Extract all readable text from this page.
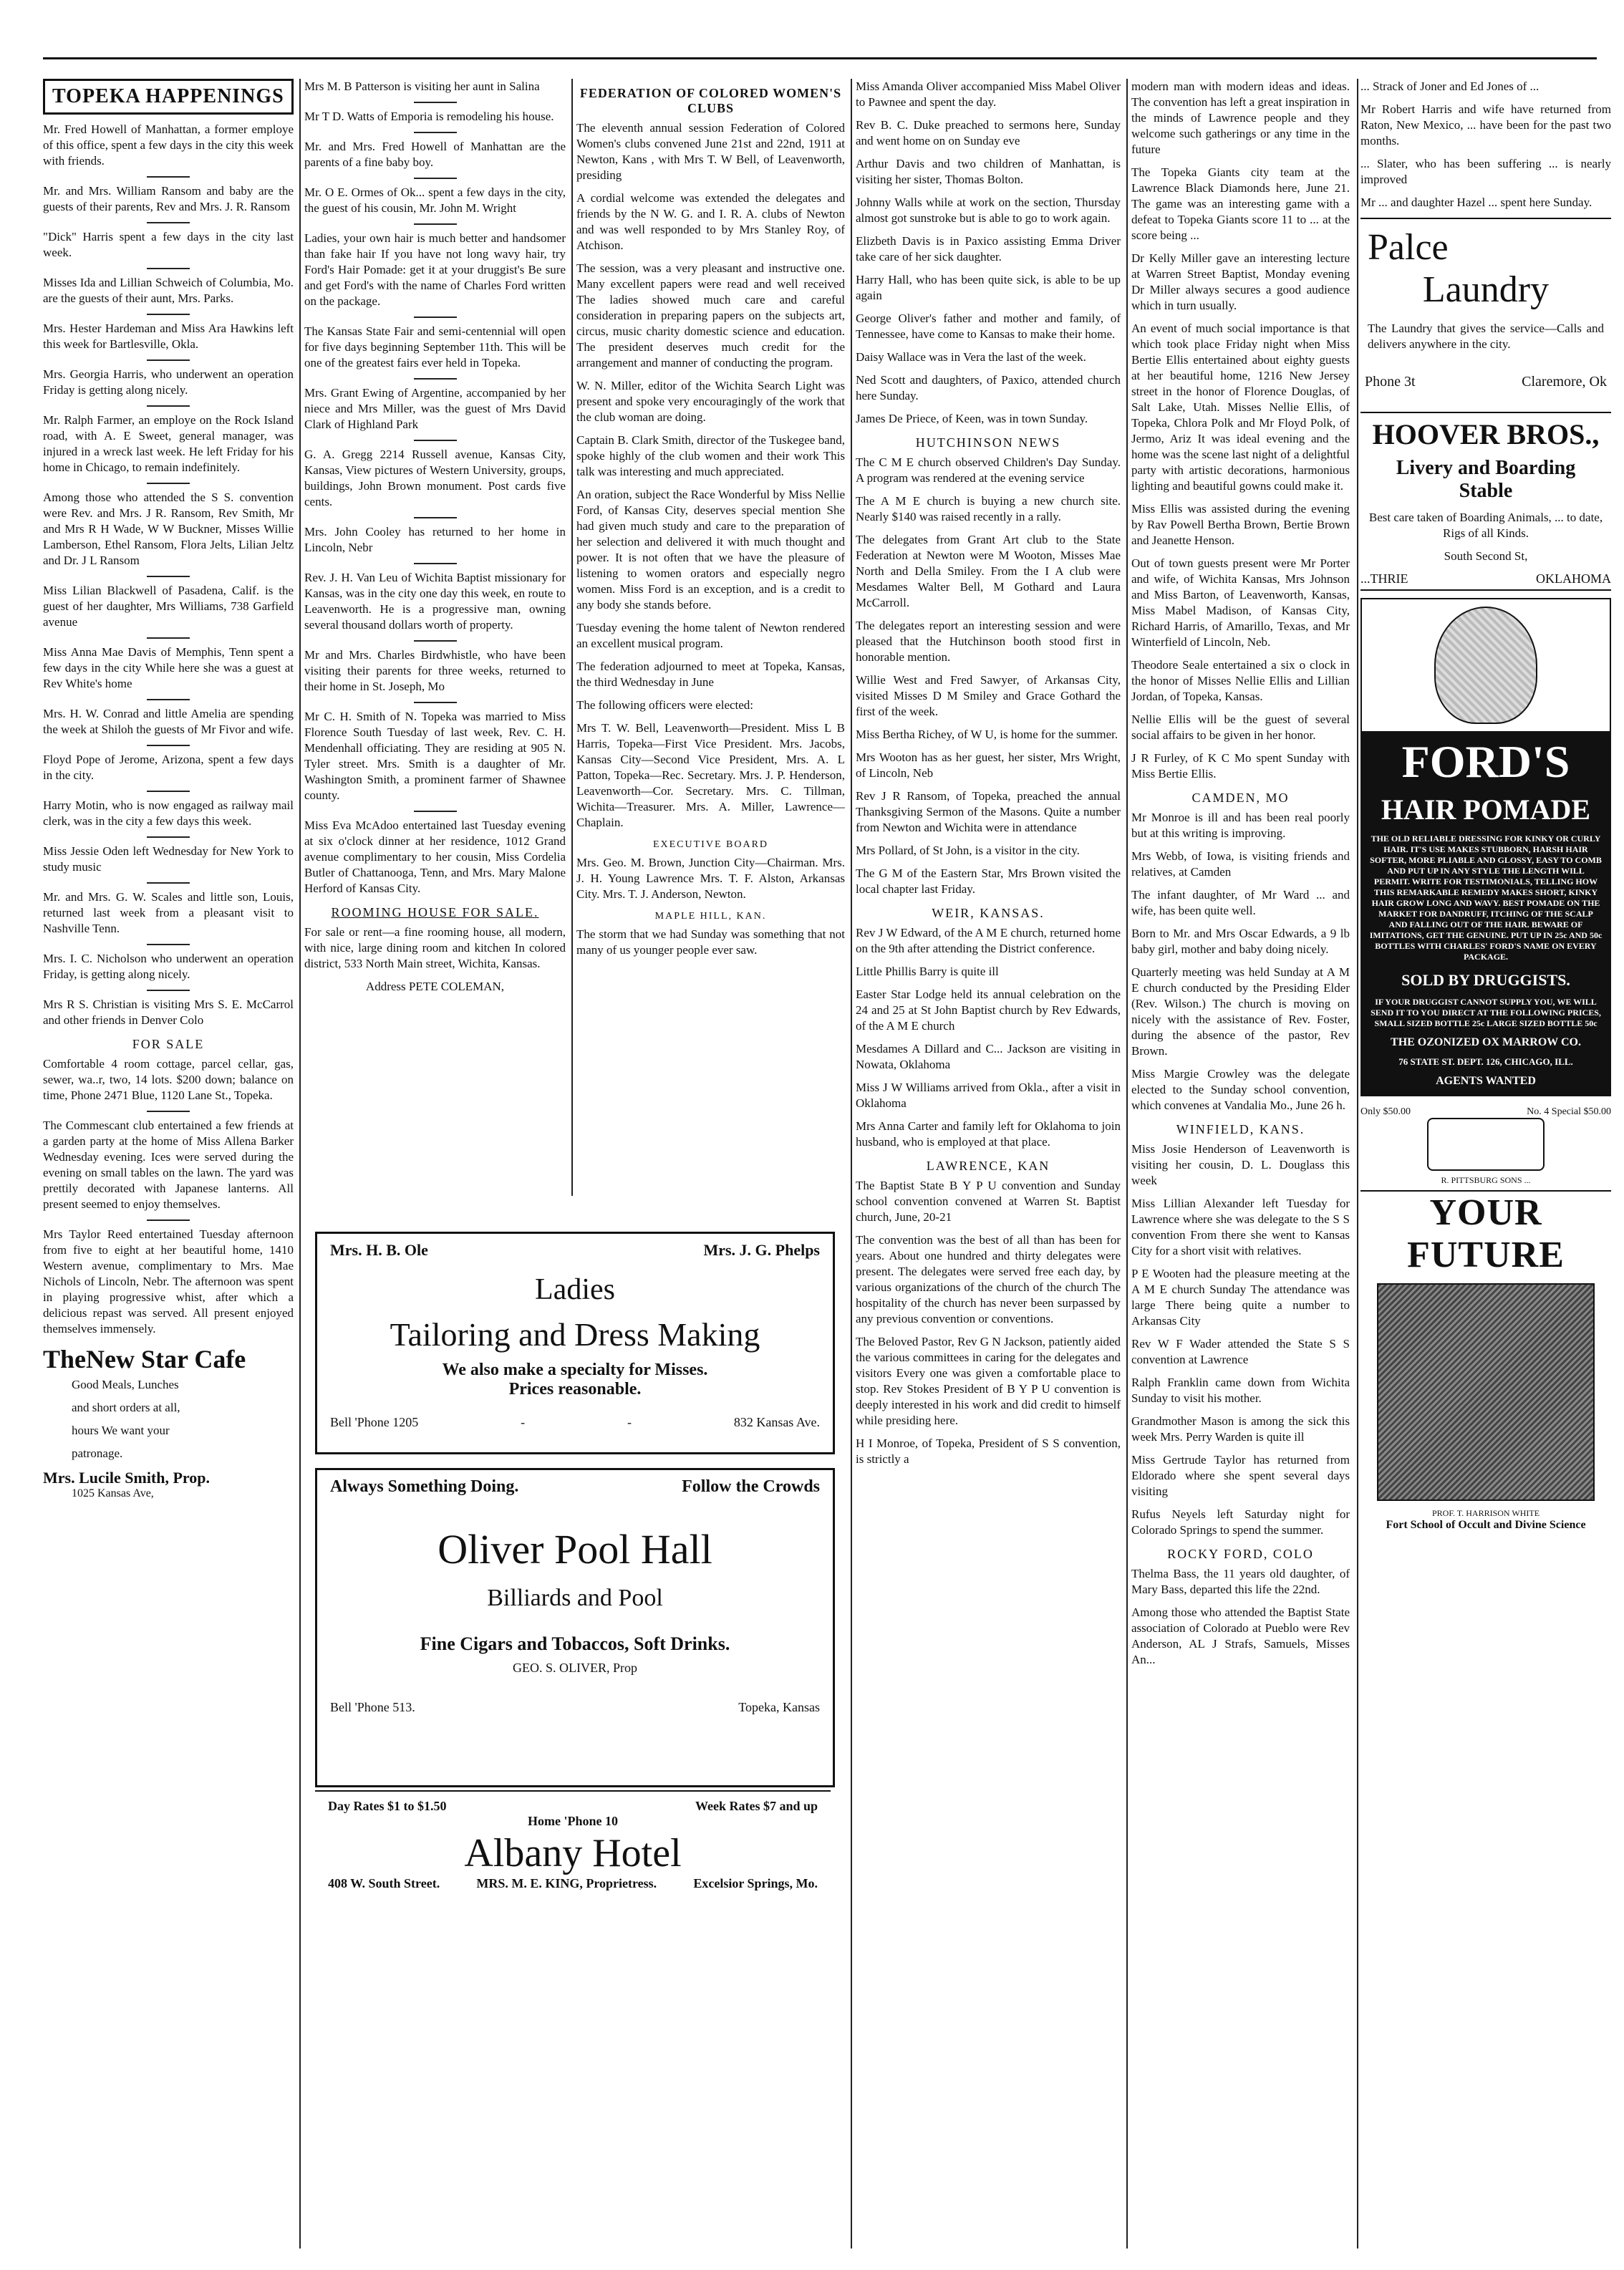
TOPEKA HAPPENINGS

Mr. Fred Howell of Manhattan, a former employe of this office, spent a few days in the city this week with friends.

Mr. and Mrs. William Ransom and baby are the guests of their parents, Rev and Mrs. J. R. Ransom

"Dick" Harris spent a few days in the city last week.

Misses Ida and Lillian Schweich of Columbia, Mo. are the guests of their aunt, Mrs. Parks.

Mrs. Hester Hardeman and Miss Ara Hawkins left this week for Bartlesville, Okla.

Mrs. Georgia Harris, who underwent an operation Friday is getting along nicely.

Mr. Ralph Farmer, an employe on the Rock Island road, with A. E Sweet, general manager, was injured in a wreck last week. He left Friday for his home in Chicago, to remain indefinitely.

Among those who attended the S S. convention were Rev. and Mrs. J R. Ransom, Rev Smith, Mr and Mrs R H Wade, W W Buckner, Misses Willie Lamberson, Ethel Ransom, Flora Jelts, Lilian Jeltz and Dr. J L Ransom

Miss Lilian Blackwell of Pasadena, Calif. is the guest of her daughter, Mrs Williams, 738 Garfield avenue

Miss Anna Mae Davis of Memphis, Tenn spent a few days in the city While here she was a guest at Rev White's home

Mrs. H. W. Conrad and little Amelia are spending the week at Shiloh the guests of Mr Fivor and wife.

Floyd Pope of Jerome, Arizona, spent a few days in the city.

Harry Motin, who is now engaged as railway mail clerk, was in the city a few days this week.

Miss Jessie Oden left Wednesday for New York to study music

Mr. and Mrs. G. W. Scales and little son, Louis, returned last week from a pleasant visit to Nashville Tenn.

Mrs. I. C. Nicholson who underwent an operation Friday, is getting along nicely.

Mrs R S. Christian is visiting Mrs S. E. McCarrol and other friends in Denver Colo

FOR SALE

Comfortable 4 room cottage, parcel cellar, gas, sewer, wa..r, two, 14 lots. $200 down; balance on time, Phone 2471 Blue, 1120 Lane St., Topeka.

The Commescant club entertained a few friends at a garden party at the home of Miss Allena Barker Wednesday evening. Ices were served during the evening on small tables on the lawn. The yard was prettily decorated with Japanese lanterns. All present seemed to enjoy themselves.

Mrs Taylor Reed entertained Tuesday afternoon from five to eight at her beautiful home, 1410 Western avenue, complimentary to Mrs. Mae Nichols of Lincoln, Nebr. The afternoon was spent in playing progressive whist, after which a delicious repast was served. All present enjoyed themselves immensely.

TheNew Star Cafe

Good Meals, Lunches

and short orders at all,

hours We want your

patronage.

Mrs. Lucile Smith, Prop.
1025 Kansas Ave,

Mrs M. B Patterson is visiting her aunt in Salina

Mr T D. Watts of Emporia is remodeling his house.

Mr. and Mrs. Fred Howell of Manhattan are the parents of a fine baby boy.

Mr. O E. Ormes of Ok... spent a few days in the city, the guest of his cousin, Mr. John M. Wright

Ladies, your own hair is much better and handsomer than fake hair If you have not long wavy hair, try Ford's Hair Pomade: get it at your druggist's Be sure and get Ford's with the name of Charles Ford written on the package.

The Kansas State Fair and semi-centennial will open for five days beginning September 11th. This will be one of the greatest fairs ever held in Topeka.

Mrs. Grant Ewing of Argentine, accompanied by her niece and Mrs Miller, was the guest of Mrs David Clark of Highland Park

G. A. Gregg 2214 Russell avenue, Kansas City, Kansas, View pictures of Western University, groups, buildings, John Brown monument. Post cards five cents.

Mrs. John Cooley has returned to her home in Lincoln, Nebr

Rev. J. H. Van Leu of Wichita Baptist missionary for Kansas, was in the city one day this week, en route to Leavenworth. He is a progressive man, owning several thousand dollars worth of property.

Mr and Mrs. Charles Birdwhistle, who have been visiting their parents for three weeks, returned to their home in St. Joseph, Mo

Mr C. H. Smith of N. Topeka was married to Miss Florence South Tuesday of last week, Rev. C. H. Mendenhall officiating. They are residing at 905 N. Tyler street. Mrs. Smith is a daughter of Mr. Washington Smith, a prominent farmer of Shawnee county.

Miss Eva McAdoo entertained last Tuesday evening at six o'clock dinner at her residence, 1012 Grand avenue complimentary to her cousin, Miss Cordelia Butler of Chattanooga, Tenn, and Mrs. Mary Malone Herford of Kansas City.

ROOMING HOUSE FOR SALE.

For sale or rent—a fine rooming house, all modern, with nice, large dining room and kitchen In colored district, 533 North Main street, Wichita, Kansas.

Address PETE COLEMAN,

FEDERATION OF COLORED WOMEN'S CLUBS

The eleventh annual session Federation of Colored Women's clubs convened June 21st and 22nd, 1911 at Newton, Kans , with Mrs T. W Bell, of Leavenworth, presiding

A cordial welcome was extended the delegates and friends by the N W. G. and I. R. A. clubs of Newton and was well responded to by Mrs Stanley Roy, of Atchison.

The session, was a very pleasant and instructive one. Many excellent papers were read and well received The ladies showed much care and careful consideration in preparing papers on the subjects art, circus, music charity domestic science and education. The president deserves much credit for the arrangement and manner of conducting the program.

W. N. Miller, editor of the Wichita Search Light was present and spoke very encouragingly of the work that the club woman are doing.

Captain B. Clark Smith, director of the Tuskegee band, spoke highly of the club women and their work This talk was interesting and much appreciated.

An oration, subject the Race Wonderful by Miss Nellie Ford, of Kansas City, deserves special mention She had given much study and care to the preparation of her selection and delivered it with much thought and power. It is not often that we have the pleasure of listening to women orators and especially negro women. Miss Ford is an exception, and is a credit to any body she stands before.

Tuesday evening the home talent of Newton rendered an excellent musical program.

The federation adjourned to meet at Topeka, Kansas, the third Wednesday in June

The following officers were elected:

Mrs T. W. Bell, Leavenworth—President. Miss L B Harris, Topeka—First Vice President. Mrs. Jacobs, Kansas City—Second Vice President, Mrs. A. L Patton, Topeka—Rec. Secretary. Mrs. J. P. Henderson, Leavenworth—Cor. Secretary. Mrs. C. Tillman, Wichita—Treasurer. Mrs. A. Miller, Lawrence—Chaplain.

EXECUTIVE BOARD

Mrs. Geo. M. Brown, Junction City—Chairman. Mrs. J. H. Young Lawrence Mrs. T. F. Alston, Arkansas City. Mrs. T. J. Anderson, Newton.

MAPLE HILL, KAN.

The storm that we had Sunday was something that not many of us younger people ever saw.

Mrs. H. B. Ole	Mrs. J. G. Phelps
Ladies
Tailoring and Dress Making
We also make a specialty for Misses.
Prices reasonable.
Bell 'Phone 1205	-	-	832 Kansas Ave.
Always Something Doing.	Follow the Crowds
Oliver Pool Hall
Billiards and Pool
Fine Cigars and Tobaccos, Soft Drinks.
GEO. S. OLIVER, Prop
Bell 'Phone 513.	Topeka, Kansas
Day Rates $1 to $1.50	Week Rates $7 and up
Home 'Phone 10
Albany Hotel
408 W. South Street.	MRS. M. E. KING, Proprietress.	Excelsior Springs, Mo.

Miss Amanda Oliver accompanied Miss Mabel Oliver to Pawnee and spent the day.

Rev B. C. Duke preached to sermons here, Sunday and went home on on Sunday eve

Arthur Davis and two children of Manhattan, is visiting her sister, Thomas Bolton.

Johnny Walls while at work on the section, Thursday almost got sunstroke but is able to go to work again.

Elizbeth Davis is in Paxico assisting Emma Driver take care of her sick daughter.

Harry Hall, who has been quite sick, is able to be up again

George Oliver's father and mother and family, of Tennessee, have come to Kansas to make their home.

Daisy Wallace was in Vera the last of the week.

Ned Scott and daughters, of Paxico, attended church here Sunday.

James De Priece, of Keen, was in town Sunday.

HUTCHINSON NEWS

The C M E church observed Children's Day Sunday. A program was rendered at the evening service

The A M E church is buying a new church site. Nearly $140 was raised recently in a rally.

The delegates from Grant Art club to the State Federation at Newton were M Wooton, Misses Mae North and Della Smiley. From the I A club were Mesdames Walter Bell, M Gothard and Laura McCarroll.

The delegates report an interesting session and were pleased that the Hutchinson booth stood first in honorable mention.

Willie West and Fred Sawyer, of Arkansas City, visited Misses D M Smiley and Grace Gothard the first of the week.

Miss Bertha Richey, of W U, is home for the summer.

Mrs Wooton has as her guest, her sister, Mrs Wright, of Lincoln, Neb

Rev J R Ransom, of Topeka, preached the annual Thanksgiving Sermon of the Masons. Quite a number from Newton and Wichita were in attendance

Mrs Pollard, of St John, is a visitor in the city.

The G M of the Eastern Star, Mrs Brown visited the local chapter last Friday.

WEIR, KANSAS.

Rev J W Edward, of the A M E church, returned home on the 9th after attending the District conference.

Little Phillis Barry is quite ill

Easter Star Lodge held its annual celebration on the 24 and 25 at St John Baptist church by Rev Edwards, of the A M E church

Mesdames A Dillard and C... Jackson are visiting in Nowata, Oklahoma

Miss J W Williams arrived from Okla., after a visit in Oklahoma

Mrs Anna Carter and family left for Oklahoma to join husband, who is employed at that place.

LAWRENCE, KAN

The Baptist State B Y P U convention and Sunday school convention convened at Warren St. Baptist church, June, 20-21

The convention was the best of all than has been for years. About one hundred and thirty delegates were present. The delegates were served free each day, by various organizations of the church of the church The hospitality of the church has never been surpassed by any previous convention or conventions.

The Beloved Pastor, Rev G N Jackson, patiently aided the various committees in caring for the delegates and visitors Every one was given a comfortable place to stop. Rev Stokes President of B Y P U convention is deeply interested in his work and did credit to himself while presiding here.

H I Monroe, of Topeka, President of S S convention, is strictly a

modern man with modern ideas and ideas. The convention has left a great inspiration in the minds of Lawrence people and they welcome such gatherings or any time in the future

The Topeka Giants city team at the Lawrence Black Diamonds here, June 21. The game was an interesting game with a defeat to Topeka Giants score 11 to ... at the score being ...

Dr Kelly Miller gave an interesting lecture at Warren Street Baptist, Monday evening Dr Miller always secures a good audience which in turn usually.

An event of much social importance is that which took place Friday night when Miss Bertie Ellis entertained about eighty guests at her beautiful home, 1216 New Jersey street in the honor of Florence Douglas, of Salt Lake, Utah. Misses Nellie Ellis, of Topeka, Chlora Polk and Mr Floyd Polk, of Jermo, Ariz It was ideal evening and the home was the scene last night of a delightful party with artistic decorations, harmonious lighting and beautiful gowns could make it.

Miss Ellis was assisted during the evening by Rav Powell Bertha Brown, Bertie Brown and Jeanette Henson.

Out of town guests present were Mr Porter and wife, of Wichita Kansas, Mrs Johnson and Miss Barton, of Leavenworth, Kansas, Miss Mabel Madison, of Kansas City, Richard Harris, of Amarillo, Texas, and Mr Winterfield of Lincoln, Neb.

Theodore Seale entertained a six o clock in the honor of Misses Nellie Ellis and Lillian Jordan, of Topeka, Kansas.

Nellie Ellis will be the guest of several social affairs to be given in her honor.

J R Furley, of K C Mo spent Sunday with Miss Bertie Ellis.

CAMDEN, MO

Mr Monroe is ill and has been real poorly but at this writing is improving.

Mrs Webb, of Iowa, is visiting friends and relatives, at Camden

The infant daughter, of Mr Ward ... and wife, has been quite well.

Born to Mr. and Mrs Oscar Edwards, a 9 lb baby girl, mother and baby doing nicely.

Quarterly meeting was held Sunday at A M E church conducted by the Presiding Elder (Rev. Wilson.) The church is moving on nicely with the assistance of Rev. Foster, during the absence of the pastor, Rev Brown.

Miss Margie Crowley was the delegate elected to the Sunday school convention, which convenes at Vandalia Mo., June 26 h.

WINFIELD, KANS.

Miss Josie Henderson of Leavenworth is visiting her cousin, D. L. Douglass this week

Miss Lillian Alexander left Tuesday for Lawrence where she was delegate to the S S convention From there she went to Kansas City for a short visit with relatives.

P E Wooten had the pleasure meeting at the A M E church Sunday The attendance was large There being quite a number to Arkansas City

Rev W F Wader attended the State S S convention at Lawrence

Ralph Franklin came down from Wichita Sunday to visit his mother.

Grandmother Mason is among the sick this week Mrs. Perry Warden is quite ill

Miss Gertrude Taylor has returned from Eldorado where she spent several days visiting

Rufus Neyels left Saturday night for Colorado Springs to spend the summer.

ROCKY FORD, COLO

Thelma Bass, the 11 years old daughter, of Mary Bass, departed this life the 22nd.

Among those who attended the Baptist State association of Colorado at Pueblo were Rev Anderson, AL J Strafs, Samuels, Misses An...

... Strack of Joner and Ed Jones of ...

Mr Robert Harris and wife have returned from Raton, New Mexico, ... have been for the past two months.

... Slater, who has been suffering ... is nearly improved

Mr ... and daughter Hazel ... spent here Sunday.

Palce
Laundry

The Laundry that gives the service—Calls and delivers anywhere in the city.

Phone 3t	Claremore, Ok
HOOVER BROS.,
Livery and Boarding
Stable

Best care taken of Boarding Animals, ... to date, Rigs of all Kinds.

South Second St,

...THRIE	OKLAHOMA
FORD'S
HAIR POMADE
THE OLD RELIABLE DRESSING FOR KINKY OR CURLY HAIR. IT'S USE MAKES STUBBORN, HARSH HAIR SOFTER, MORE PLIABLE AND GLOSSY, EASY TO COMB AND PUT UP IN ANY STYLE THE LENGTH WILL PERMIT. WRITE FOR TESTIMONIALS, TELLING HOW THIS REMARKABLE REMEDY MAKES SHORT, KINKY HAIR GROW LONG AND WAVY. BEST POMADE ON THE MARKET FOR DANDRUFF, ITCHING OF THE SCALP AND FALLING OUT OF THE HAIR. BEWARE OF IMITATIONS, GET THE GENUINE. PUT UP IN 25c AND 50c BOTTLES WITH CHARLES' FORD'S NAME ON EVERY PACKAGE.
SOLD BY DRUGGISTS.
IF YOUR DRUGGIST CANNOT SUPPLY YOU, WE WILL SEND IT TO YOU DIRECT AT THE FOLLOWING PRICES, SMALL SIZED BOTTLE 25c LARGE SIZED BOTTLE 50c
THE OZONIZED OX MARROW CO.
76 STATE ST. DEPT. 126, CHICAGO, ILL.
AGENTS WANTED
Only $50.00	No. 4 Special $50.00
R. PITTSBURG SONS ...
YOUR FUTURE
PROF. T. HARRISON WHITE
Fort School of Occult and Divine Science
